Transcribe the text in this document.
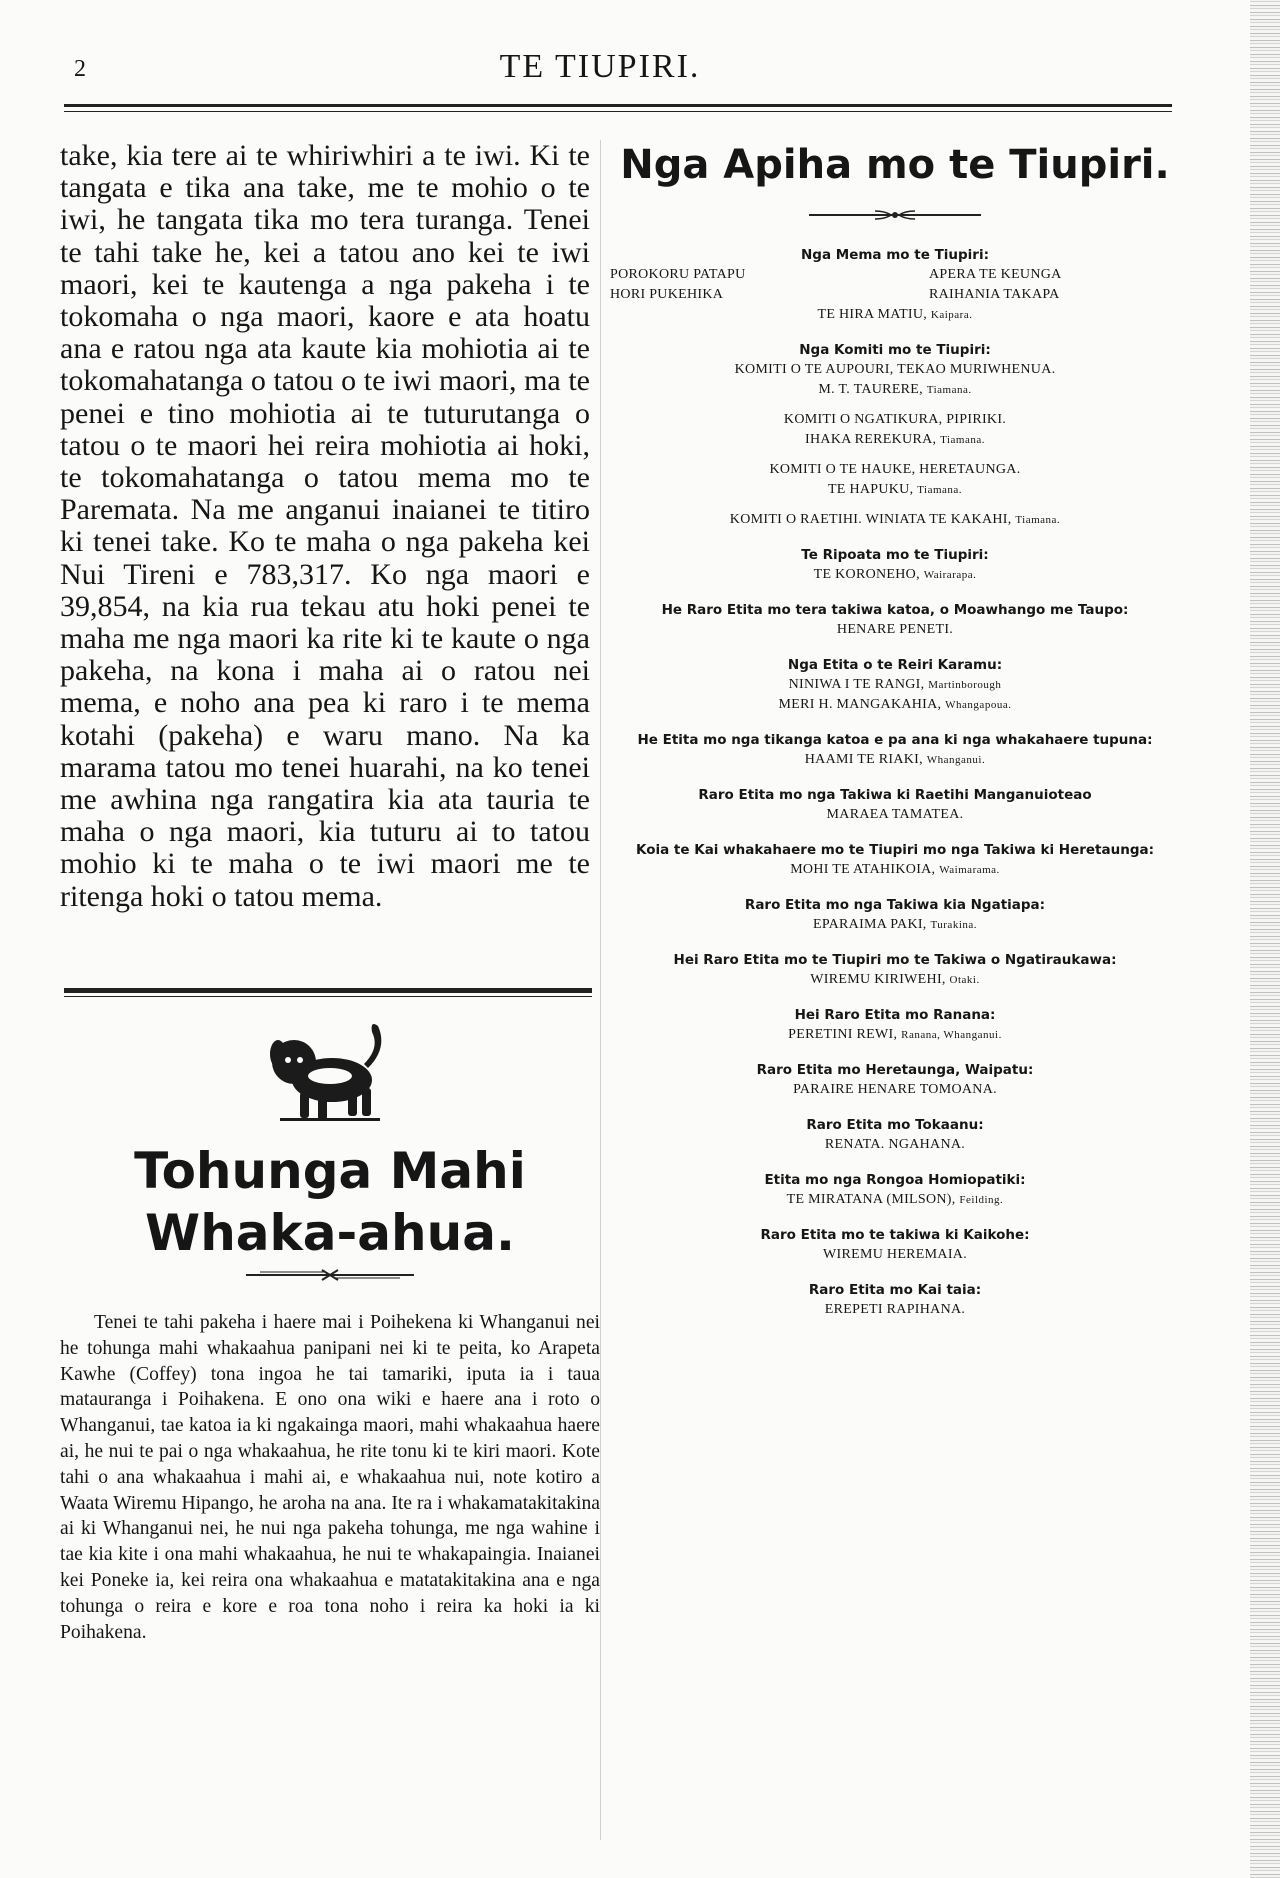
2	TE TIUPIRI.

take, kia tere ai te whiriwhiri a te iwi. Ki te tangata e tika ana take, me te mohio o te iwi, he tangata tika mo tera turanga. Tenei te tahi take he, kei a tatou ano kei te iwi maori, kei te kautenga a nga pakeha i te tokomaha o nga maori, kaore e ata hoatu ana e ratou nga ata kaute kia mohiotia ai te tokomahatanga o tatou o te iwi maori, ma te penei e tino mohiotia ai te tuturutanga o tatou o te maori hei reira mohiotia ai hoki, te tokomahatanga o tatou mema mo te Paremata. Na me anganui inaianei te titiro ki tenei take. Ko te maha o nga pakeha kei Nui Tireni e 783,317. Ko nga maori e 39,854, na kia rua tekau atu hoki penei te maha me nga maori ka rite ki te kaute o nga pakeha, na kona i maha ai o ratou nei mema, e noho ana pea ki raro i te mema kotahi (pakeha) e waru mano. Na ka marama tatou mo tenei huarahi, na ko tenei me awhina nga rangatira kia ata tauria te maha o nga maori, kia tuturu ai to tatou mohio ki te maha o te iwi maori me te ritenga hoki o tatou mema.

Tohunga Mahi Whaka-ahua.
Tenei te tahi pakeha i haere mai i Poihekena ki Whanganui nei he tohunga mahi whakaahua panipani nei ki te peita, ko Arapeta Kawhe (Coffey) tona ingoa he tai tamariki, iputa ia i taua matauranga i Poihakena. E ono ona wiki e haere ana i roto o Whanganui, tae katoa ia ki ngakainga maori, mahi whakaahua haere ai, he nui te pai o nga whakaahua, he rite tonu ki te kiri maori. Kote tahi o ana whakaahua i mahi ai, e whakaahua nui, note kotiro a Waata Wiremu Hipango, he aroha na ana. Ite ra i whakamatakitakina ai ki Whanganui nei, he nui nga pakeha tohunga, me nga wahine i tae kia kite i ona mahi whakaahua, he nui te whakapaingia. Inaianei kei Poneke ia, kei reira ona whakaahua e matatakitakina ana e nga tohunga o reira e kore e roa tona noho i reira ka hoki ia ki Poihakena.
Nga Apiha mo te Tiupiri.
Nga Mema mo te Tiupiri:
POROKORU PATAPU	APERA TE KEUNGA
HORI PUKEHIKA	RAIHANIA TAKAPA
TE HIRA MATIU, Kaipara.
Nga Komiti mo te Tiupiri:
KOMITI O TE AUPOURI, TEKAO MURIWHENUA.
M. T. TAURERE, Tiamana.
KOMITI O NGATIKURA, PIPIRIKI.
IHAKA REREKURA, Tiamana.
KOMITI O TE HAUKE, HERETAUNGA.
TE HAPUKU, Tiamana.
KOMITI O RAETIHI. WINIATA TE KAKAHI, Tiamana.
Te Ripoata mo te Tiupiri:
TE KORONEHO, Wairarapa.
He Raro Etita mo tera takiwa katoa, o Moawhango me Taupo:
HENARE PENETI.
Nga Etita o te Reiri Karamu:
NINIWA I TE RANGI, Martinborough
MERI H. MANGAKAHIA, Whangapoua.
He Etita mo nga tikanga katoa e pa ana ki nga whakahaere tupuna:
HAAMI TE RIAKI, Whanganui.
Raro Etita mo nga Takiwa ki Raetihi Manganuioteao
MARAEA TAMATEA.
Koia te Kai whakahaere mo te Tiupiri mo nga Takiwa ki Heretaunga:
MOHI TE ATAHIKOIA, Waimarama.
Raro Etita mo nga Takiwa kia Ngatiapa:
EPARAIMA PAKI, Turakina.
Hei Raro Etita mo te Tiupiri mo te Takiwa o Ngatiraukawa:
WIREMU KIRIWEHI, Otaki.
Hei Raro Etita mo Ranana:
PERETINI REWI, Ranana, Whanganui.
Raro Etita mo Heretaunga, Waipatu:
PARAIRE HENARE TOMOANA.
Raro Etita mo Tokaanu:
RENATA. NGAHANA.
Etita mo nga Rongoa Homiopatiki:
TE MIRATANA (MILSON), Feilding.
Raro Etita mo te takiwa ki Kaikohe:
WIREMU HEREMAIA.
Raro Etita mo Kai taia:
EREPETI RAPIHANA.
